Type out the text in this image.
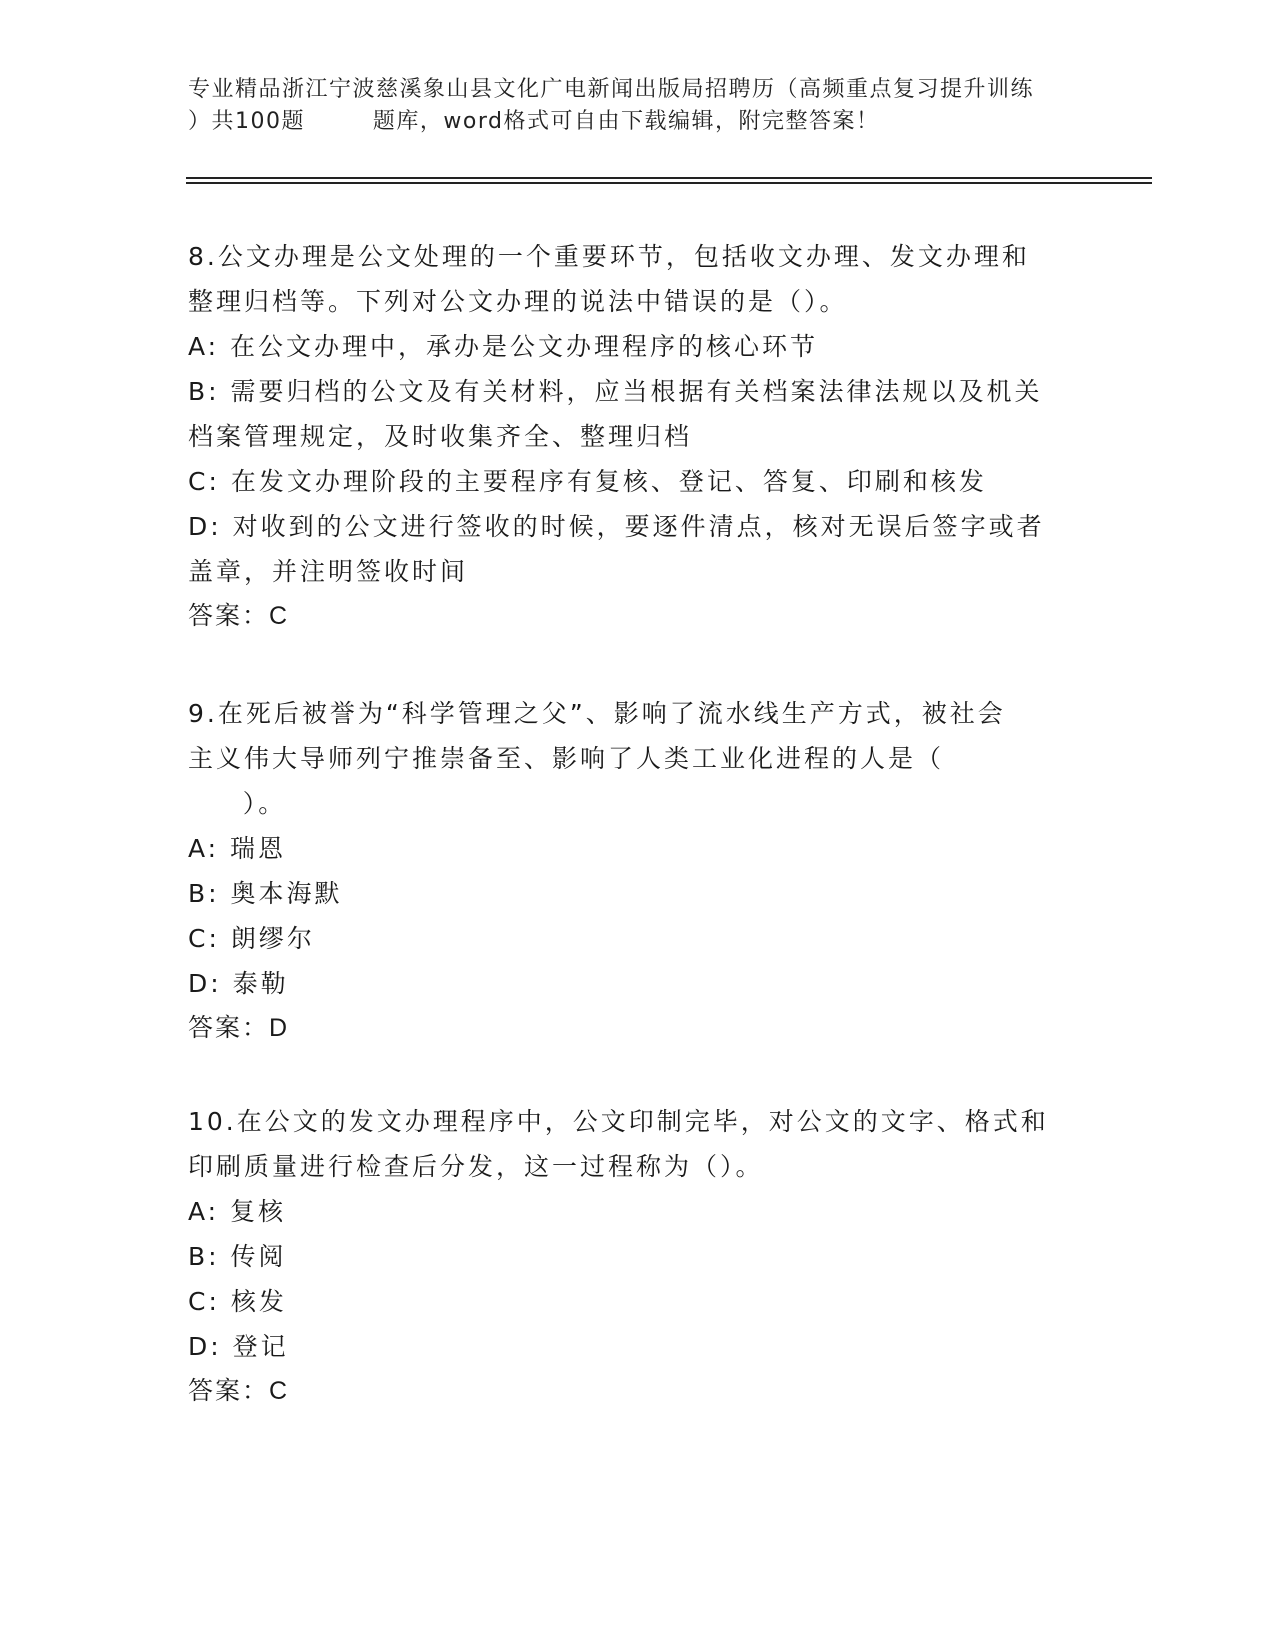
专业精品浙江宁波慈溪象山县文化广电新闻出版局招聘历（高频重点复习提升训练
）共100题        题库，word格式可自由下载编辑，附完整答案！
8.公文办理是公文处理的一个重要环节，包括收文办理、发文办理和
整理归档等。下列对公文办理的说法中错误的是（）。
A: 在公文办理中，承办是公文办理程序的核心环节
B: 需要归档的公文及有关材料，应当根据有关档案法律法规以及机关
档案管理规定，及时收集齐全、整理归档
C: 在发文办理阶段的主要程序有复核、登记、答复、印刷和核发
D: 对收到的公文进行签收的时候，要逐件清点，核对无误后签字或者
盖章，并注明签收时间
答案：C
9.在死后被誉为“科学管理之父”、影响了流水线生产方式，被社会
主义伟大导师列宁推崇备至、影响了人类工业化进程的人是（
）。
A: 瑞恩
B: 奥本海默
C: 朗缪尔
D: 泰勒
答案：D
10.在公文的发文办理程序中，公文印制完毕，对公文的文字、格式和
印刷质量进行检查后分发，这一过程称为（）。
A: 复核
B: 传阅
C: 核发
D: 登记
答案：C
